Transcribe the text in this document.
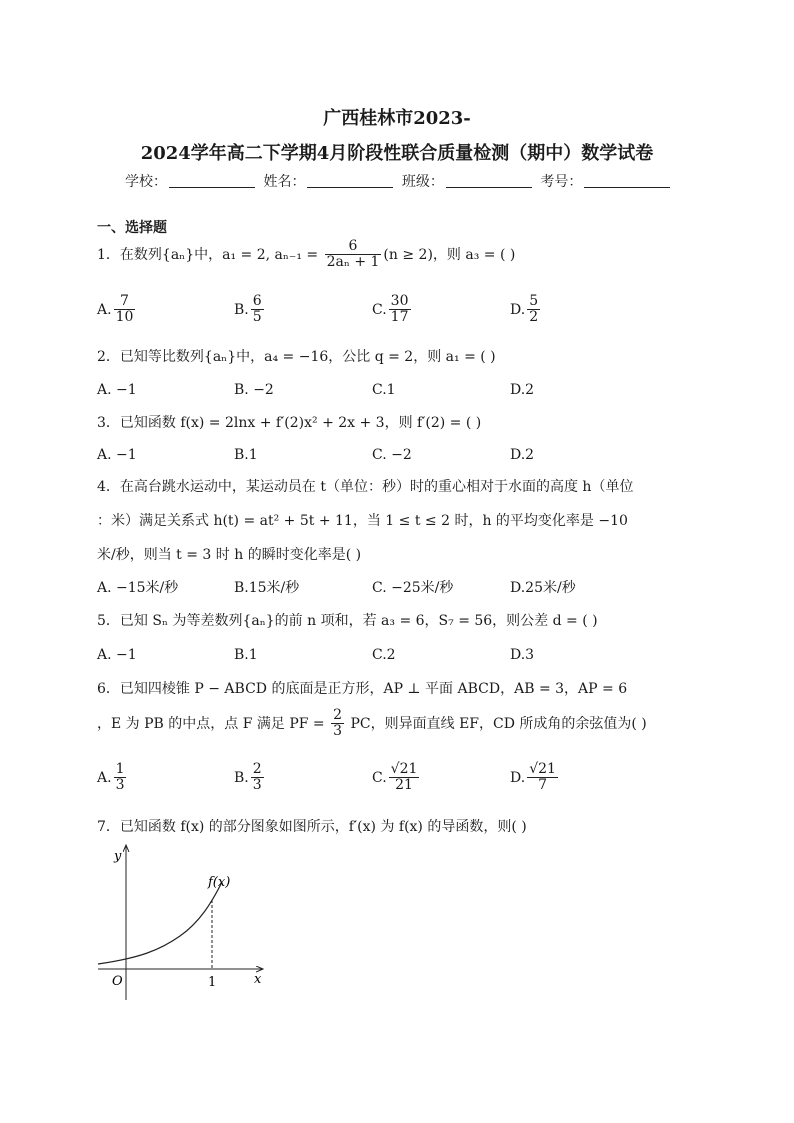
广西桂林市2023-
2024学年高二下学期4月阶段性联合质量检测（期中）数学试卷
学校：	姓名：	班级：	考号：
一、选择题
1．在数列{aₙ}中，a₁ = 2, $a_{n-1} = \frac{6}{\text{2aₙ + 1}} (n \ge 2)$，则 a₃ = ( )
A. $\frac{7}{10}$	B. $\frac{6}{5}$	C. $\frac{30}{17}$	D. $\frac{5}{2}$
2．已知等比数列{aₙ}中，a₄ = −16，公比 q = 2，则 a₁ = ( )
A. −1	B. −2	C.1	D.2
3．已知函数 f(x) = 2lnx + f′(2)x² + 2x + 3，则 f′(2) = ( )
A. −1	B.1	C. −2	D.2
4．在高台跳水运动中，某运动员在 t（单位：秒）时的重心相对于水面的高度 h（单位
：米）满足关系式 h(t) = at² + 5t + 11，当 1 ≤ t ≤ 2 时，h 的平均变化率是 −10
米/秒，则当 t = 3 时 h 的瞬时变化率是( )
A. −15米/秒	B.15米/秒	C. −25米/秒	D.25米/秒
5．已知 Sₙ 为等差数列{aₙ}的前 n 项和，若 a₃ = 6，S₇ = 56，则公差 d = ( )
A. −1	B.1	C.2	D.3
6．已知四棱锥 P − ABCD 的底面是正方形，AP ⊥ 平面 ABCD，AB = 3，AP = 6
，E 为 PB 的中点，点 F 满足 PF = $\frac{2}{3}$ PC，则异面直线 EF，CD 所成角的余弦值为( )
A. $\frac{1}{3}$	B. $\frac{2}{3}$	C. $\frac{√21}{21}$	D. $\frac{√21}{7}$
7．已知函数 f(x) 的部分图象如图所示，f′(x) 为 f(x) 的导函数，则( )
y
x
O	1
f(x)
